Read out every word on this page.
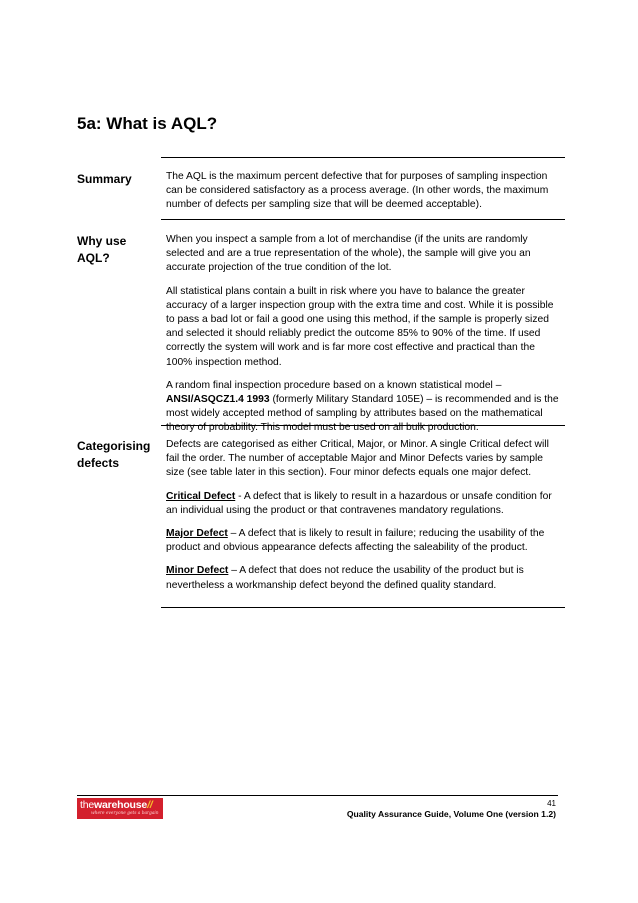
5a: What is AQL?
Summary	The AQL is the maximum percent defective that for purposes of sampling inspection can be considered satisfactory as a process average. (In other words, the maximum number of defects per sampling size that will be deemed acceptable).

Why use
AQL?

When you inspect a sample from a lot of merchandise (if the units are randomly selected and are a true representation of the whole), the sample will give you an accurate projection of the true condition of the lot.

All statistical plans contain a built in risk where you have to balance the greater accuracy of a larger inspection group with the extra time and cost. While it is possible to pass a bad lot or fail a good one using this method, if the sample is properly sized and selected it should reliably predict the outcome 85% to 90% of the time. If used correctly the system will work and is far more cost effective and practical than the 100% inspection method.

A random final inspection procedure based on a known statistical model –
ANSI/ASQCZ1.4 1993 (formerly Military Standard 105E) – is recommended and is the most widely accepted method of sampling by attributes based on the mathematical theory of probability. This model must be used on all bulk production.

Categorising
defects

Defects are categorised as either Critical, Major, or Minor. A single Critical defect will fail the order. The number of acceptable Major and Minor Defects varies by sample size (see table later in this section). Four minor defects equals one major defect.

Critical Defect - A defect that is likely to result in a hazardous or unsafe condition for an individual using the product or that contravenes mandatory regulations.

Major Defect – A defect that is likely to result in failure; reducing the usability of the product and obvious appearance defects affecting the saleability of the product.

Minor Defect – A defect that does not reduce the usability of the product but is nevertheless a workmanship defect beyond the defined quality standard.

thewarehouse//
where everyone gets a bargain
41
Quality Assurance Guide, Volume One (version 1.2)
